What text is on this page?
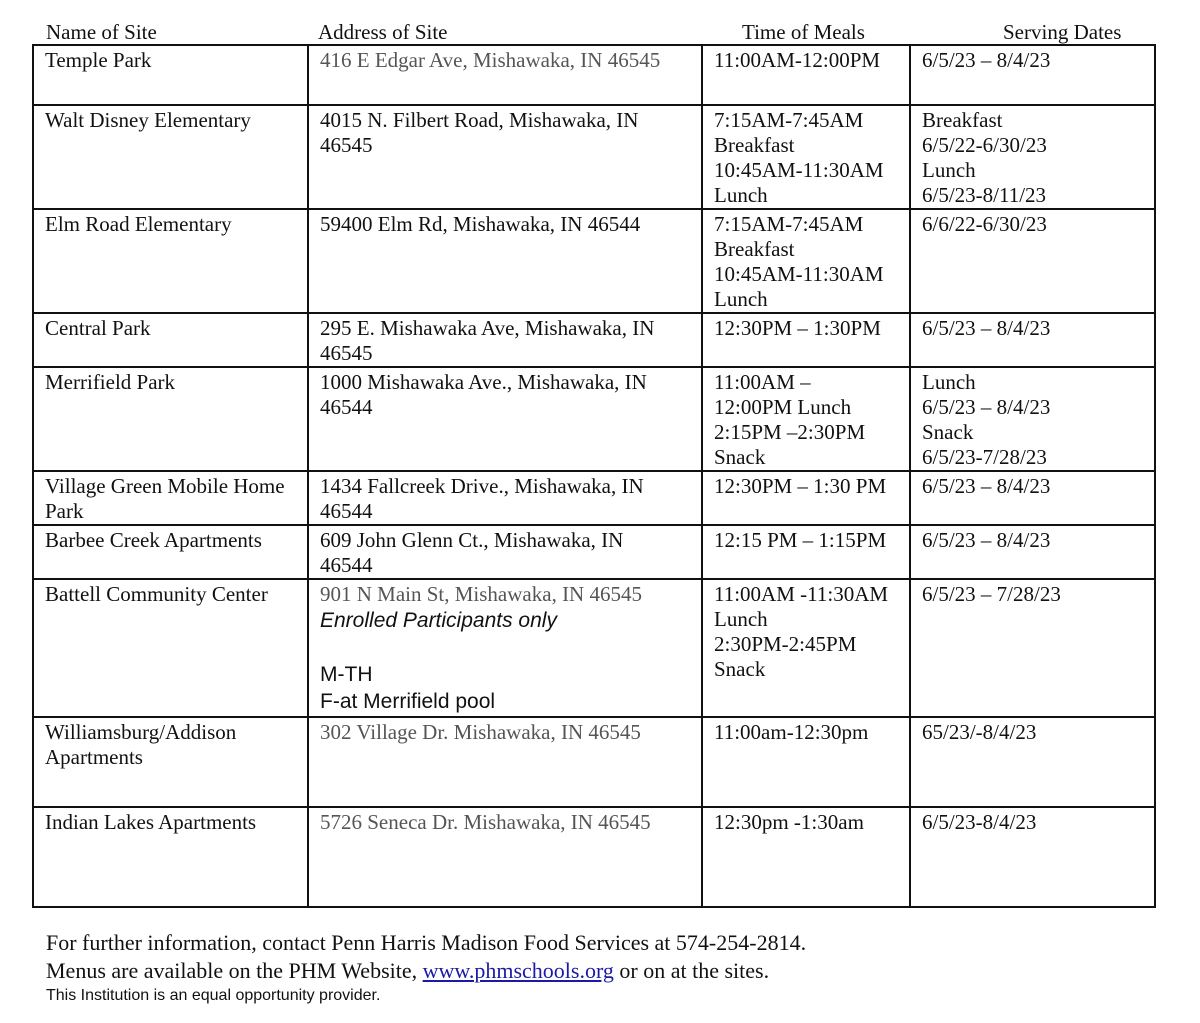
Name of Site	Address of Site	Time of Meals	Serving Dates
Temple Park	416 E Edgar Ave, Mishawaka, IN 46545	11:00AM-12:00PM	6/5/23 – 8/4/23

Walt Disney Elementary	4015 N. Filbert Road, Mishawaka, IN
46545	7:15AM-7:45AM
Breakfast
10:45AM-11:30AM
Lunch	Breakfast
6/5/22-6/30/23
Lunch
6/5/23-8/11/23

Elm Road Elementary	59400 Elm Rd, Mishawaka, IN 46544	7:15AM-7:45AM
Breakfast
10:45AM-11:30AM
Lunch	6/6/22-6/30/23

Central Park	295 E. Mishawaka Ave, Mishawaka, IN
46545	12:30PM – 1:30PM	6/5/23 – 8/4/23

Merrifield Park	1000 Mishawaka Ave., Mishawaka, IN
46544	11:00AM –
12:00PM Lunch
2:15PM –2:30PM
Snack	Lunch
6/5/23 – 8/4/23
Snack
6/5/23-7/28/23

Village Green Mobile Home
Park	1434 Fallcreek Drive., Mishawaka, IN
46544	12:30PM – 1:30 PM	6/5/23 – 8/4/23

Barbee Creek Apartments	609 John Glenn Ct., Mishawaka, IN
46544	12:15 PM – 1:15PM	6/5/23 – 8/4/23

Battell Community Center	901 N Main St, Mishawaka, IN 46545
Enrolled Participants only
M-TH
F-at Merrifield pool	11:00AM -11:30AM
Lunch
2:30PM-2:45PM
Snack	6/5/23 – 7/28/23

Williamsburg/Addison
Apartments	302 Village Dr. Mishawaka, IN 46545	11:00am-12:30pm	65/23/-8/4/23

Indian Lakes Apartments	5726 Seneca Dr. Mishawaka, IN 46545	12:30pm -1:30am	6/5/23-8/4/23
For further information, contact Penn Harris Madison Food Services at 574-254-2814.
Menus are available on the PHM Website, www.phmschools.org or on at the sites.
This Institution is an equal opportunity provider.
